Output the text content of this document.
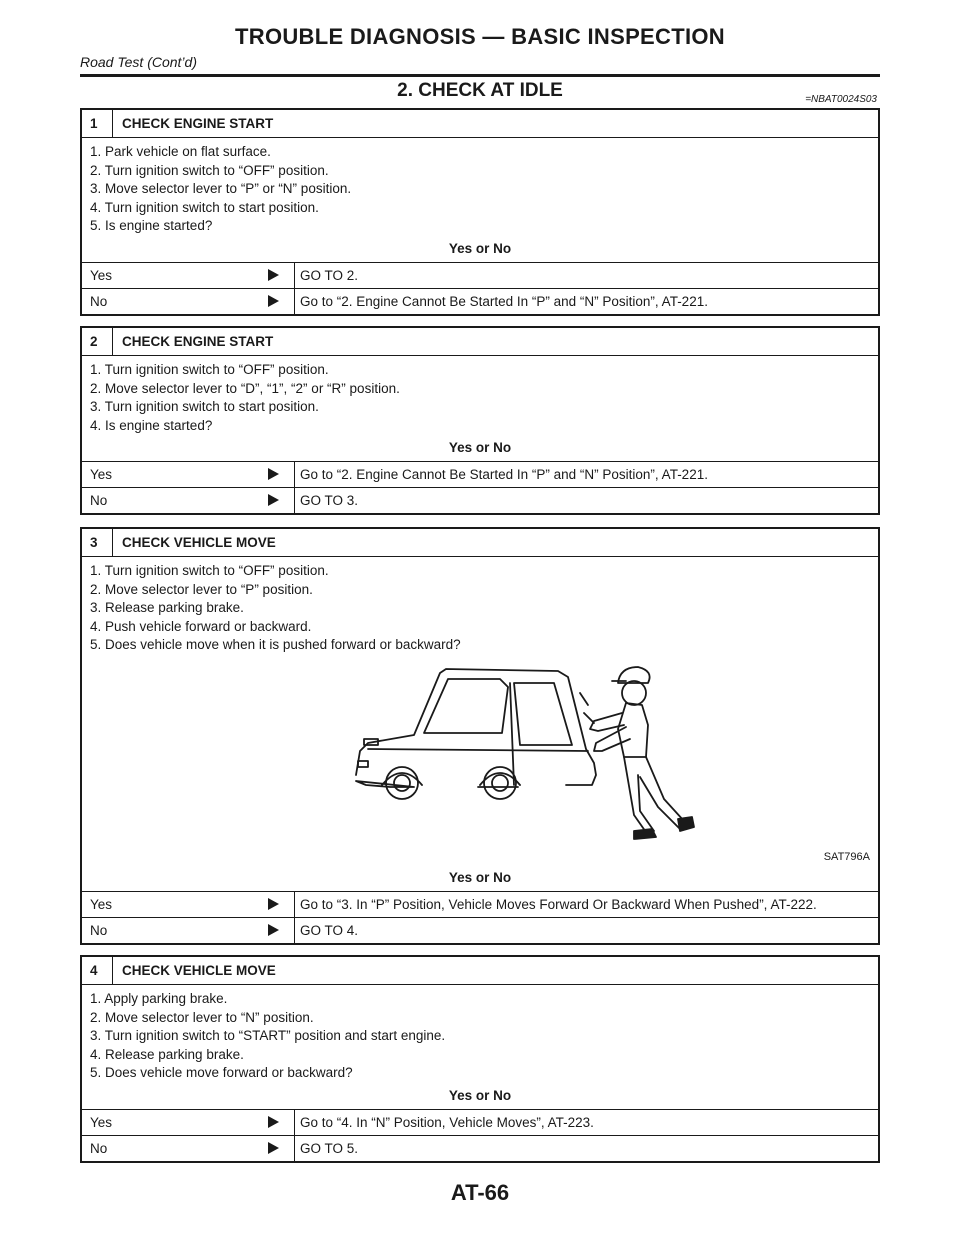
TROUBLE DIAGNOSIS — BASIC INSPECTION
Road Test (Cont’d)
2. CHECK AT IDLE	=NBAT0024S03
1 CHECK ENGINE START
1. Park vehicle on flat surface.
2. Turn ignition switch to “OFF” position.
3. Move selector lever to “P” or “N” position.
4. Turn ignition switch to start position.
5. Is engine started?
Yes or No
Yes	GO TO 2.
No	Go to “2. Engine Cannot Be Started In “P” and “N” Position”, AT-221.
2 CHECK ENGINE START
1. Turn ignition switch to “OFF” position.
2. Move selector lever to “D”, “1”, “2” or “R” position.
3. Turn ignition switch to start position.
4. Is engine started?
Yes or No
Yes	Go to “2. Engine Cannot Be Started In “P” and “N” Position”, AT-221.
No	GO TO 3.
3 CHECK VEHICLE MOVE
1. Turn ignition switch to “OFF” position.
2. Move selector lever to “P” position.
3. Release parking brake.
4. Push vehicle forward or backward.
5. Does vehicle move when it is pushed forward or backward?
SAT796A
Yes or No
Yes	Go to “3. In “P” Position, Vehicle Moves Forward Or Backward When Pushed”, AT-222.
No	GO TO 4.
4 CHECK VEHICLE MOVE
1. Apply parking brake.
2. Move selector lever to “N” position.
3. Turn ignition switch to “START” position and start engine.
4. Release parking brake.
5. Does vehicle move forward or backward?
Yes or No
Yes	Go to “4. In “N” Position, Vehicle Moves”, AT-223.
No	GO TO 5.
AT-66
